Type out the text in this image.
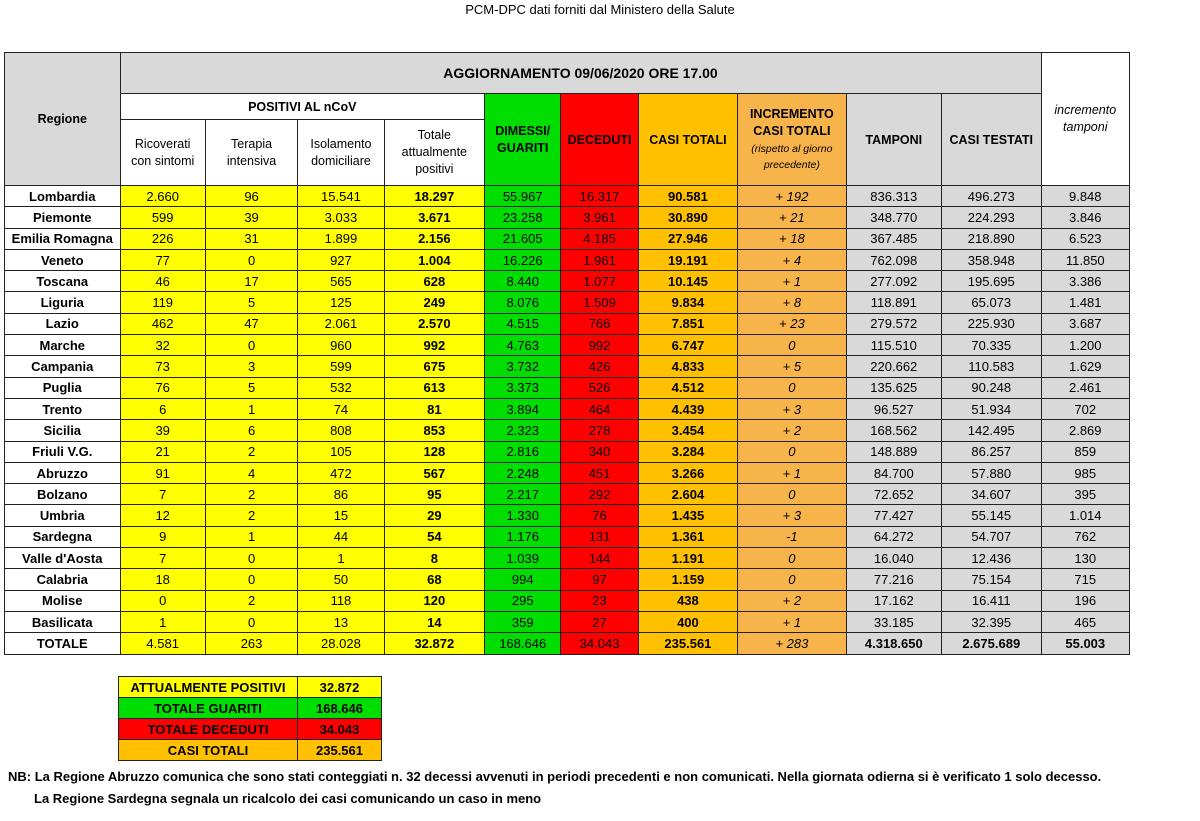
PCM-DPC dati forniti dal Ministero della Salute
Regione	AGGIORNAMENTO 09/06/2020 ORE 17.00										incremento
tamponi
	POSITIVI AL nCoV				DIMESSI/
GUARITI	DECEDUTI	CASI TOTALI	INCREMENTO
CASI TOTALI
(rispetto al giorno
precedente)	TAMPONI	CASI TESTATI	
	Ricoverati
con sintomi	Terapia
intensiva	Isolamento
domiciliare	Totale
attualmente
positivi							
Lombardia	2.660	96	15.541	18.297	55.967	16.317	90.581	+ 192	836.313	496.273	9.848
Piemonte	599	39	3.033	3.671	23.258	3.961	30.890	+ 21	348.770	224.293	3.846
Emilia Romagna	226	31	1.899	2.156	21.605	4.185	27.946	+ 18	367.485	218.890	6.523
Veneto	77	0	927	1.004	16.226	1.961	19.191	+ 4	762.098	358.948	11.850
Toscana	46	17	565	628	8.440	1.077	10.145	+ 1	277.092	195.695	3.386
Liguria	119	5	125	249	8.076	1.509	9.834	+ 8	118.891	65.073	1.481
Lazio	462	47	2.061	2.570	4.515	766	7.851	+ 23	279.572	225.930	3.687
Marche	32	0	960	992	4.763	992	6.747	0	115.510	70.335	1.200
Campania	73	3	599	675	3.732	426	4.833	+ 5	220.662	110.583	1.629
Puglia	76	5	532	613	3.373	526	4.512	0	135.625	90.248	2.461
Trento	6	1	74	81	3.894	464	4.439	+ 3	96.527	51.934	702
Sicilia	39	6	808	853	2.323	278	3.454	+ 2	168.562	142.495	2.869
Friuli V.G.	21	2	105	128	2.816	340	3.284	0	148.889	86.257	859
Abruzzo	91	4	472	567	2.248	451	3.266	+ 1	84.700	57.880	985
Bolzano	7	2	86	95	2.217	292	2.604	0	72.652	34.607	395
Umbria	12	2	15	29	1.330	76	1.435	+ 3	77.427	55.145	1.014
Sardegna	9	1	44	54	1.176	131	1.361	-1	64.272	54.707	762
Valle d'Aosta	7	0	1	8	1.039	144	1.191	0	16.040	12.436	130
Calabria	18	0	50	68	994	97	1.159	0	77.216	75.154	715
Molise	0	2	118	120	295	23	438	+ 2	17.162	16.411	196
Basilicata	1	0	13	14	359	27	400	+ 1	33.185	32.395	465
TOTALE	4.581	263	28.028	32.872	168.646	34.043	235.561	+ 283	4.318.650	2.675.689	55.003
ATTUALMENTE POSITIVI	32.872
TOTALE GUARITI	168.646
TOTALE DECEDUTI	34.043
CASI TOTALI	235.561
NB: La Regione Abruzzo comunica che sono stati conteggiati n. 32 decessi avvenuti in periodi precedenti e non comunicati. Nella giornata odierna si è verificato 1 solo decesso.
La Regione Sardegna segnala un ricalcolo dei casi comunicando un caso in meno
